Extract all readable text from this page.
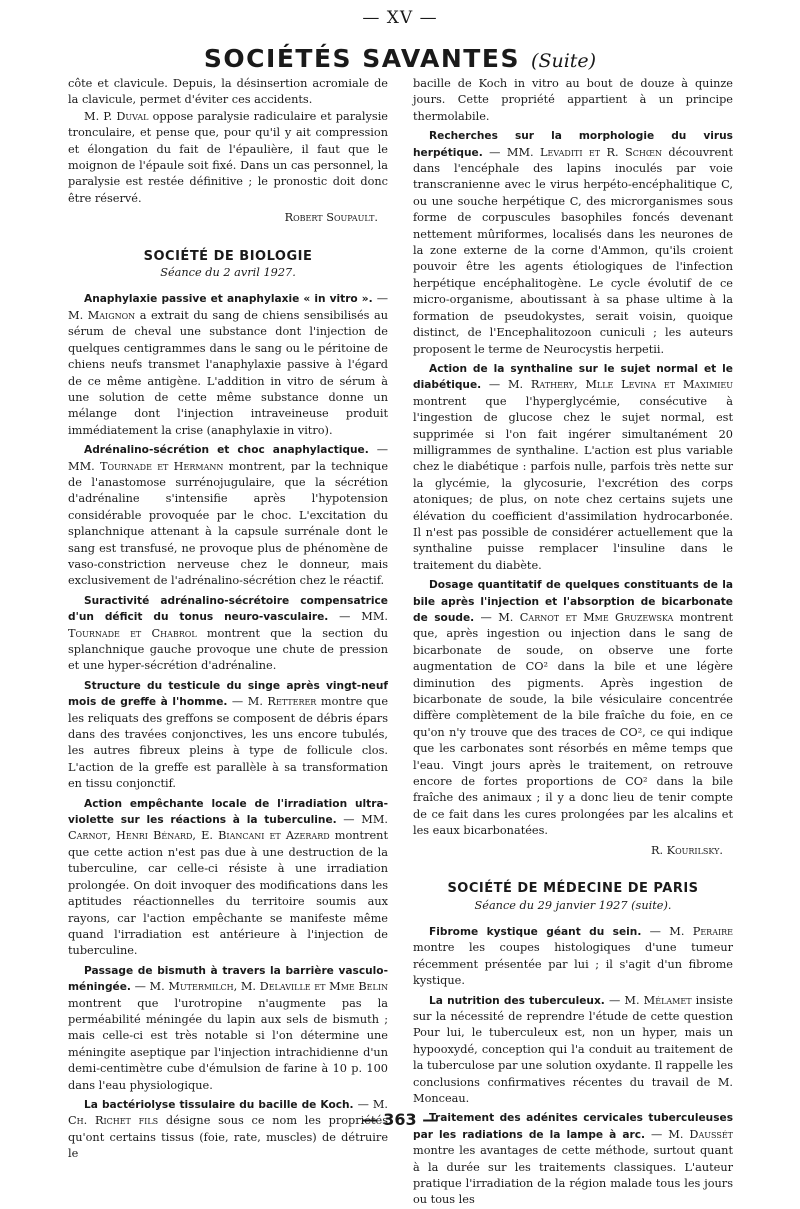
— XV —
SOCIÉTÉS SAVANTES (Suite)

côte et clavicule. Depuis, la désinsertion acromiale de la clavicule, permet d'éviter ces accidents.

M. P. Duval oppose paralysie radiculaire et paralysie tronculaire, et pense que, pour qu'il y ait compression et élongation du fait de l'épaulière, il faut que le moignon de l'épaule soit fixé. Dans un cas personnel, la paralysie est restée définitive ; le pronostic doit donc être réservé.

Robert Soupault.
SOCIÉTÉ DE BIOLOGIE
Séance du 2 avril 1927.

Anaphylaxie passive et anaphylaxie « in vitro ». — M. Maignon a extrait du sang de chiens sensibilisés au sérum de cheval une substance dont l'injection de quelques centigrammes dans le sang ou le péritoine de chiens neufs transmet l'anaphylaxie passive à l'égard de ce même antigène. L'addition in vitro de sérum à une solution de cette même substance donne un mélange dont l'injection intraveineuse produit immédiatement la crise (anaphylaxie in vitro).

Adrénalino-sécrétion et choc anaphylactique. — MM. Tournade et Hermann montrent, par la technique de l'anastomose surrénojugulaire, que la sécrétion d'adrénaline s'intensifie après l'hypotension considérable provoquée par le choc. L'excitation du splanchnique attenant à la capsule surrénale dont le sang est transfusé, ne provoque plus de phénomène de vaso-constriction nerveuse chez le donneur, mais exclusivement de l'adrénalino-sécrétion chez le réactif.

Suractivité adrénalino-sécrétoire compensatrice d'un déficit du tonus neuro-vasculaire. — MM. Tournade et Chabrol montrent que la section du splanchnique gauche provoque une chute de pression et une hyper-sécrétion d'adrénaline.

Structure du testicule du singe après vingt-neuf mois de greffe à l'homme. — M. Retterer montre que les reliquats des greffons se composent de débris épars dans des travées conjonctives, les uns encore tubulés, les autres fibreux pleins à type de follicule clos. L'action de la greffe est parallèle à sa transformation en tissu conjonctif.

Action empêchante locale de l'irradiation ultra-violette sur les réactions à la tuberculine. — MM. Carnot, Henri Bénard, E. Biancani et Azerard montrent que cette action n'est pas due à une destruction de la tuberculine, car celle-ci résiste à une irradiation prolongée. On doit invoquer des modifications dans les aptitudes réactionnelles du territoire soumis aux rayons, car l'action empêchante se manifeste même quand l'irradiation est antérieure à l'injection de tuberculine.

Passage de bismuth à travers la barrière vasculo-méningée. — M. Mutermilch, M. Delaville et Mme Belin montrent que l'urotropine n'augmente pas la perméabilité méningée du lapin aux sels de bismuth ; mais celle-ci est très notable si l'on détermine une méningite aseptique par l'injection intrachidienne d'un demi-centimètre cube d'émulsion de farine à 10 p. 100 dans l'eau physiologique.

La bactériolyse tissulaire du bacille de Koch. — M. Ch. Richet fils désigne sous ce nom les propriétés qu'ont certains tissus (foie, rate, muscles) de détruire le

bacille de Koch in vitro au bout de douze à quinze jours. Cette propriété appartient à un principe thermolabile.

Recherches sur la morphologie du virus herpétique. — MM. Levaditi et R. Schœn découvrent dans l'encéphale des lapins inoculés par voie transcranienne avec le virus herpéto-encéphalitique C, ou une souche herpétique C, des microrganismes sous forme de corpuscules basophiles foncés devenant nettement mûriformes, localisés dans les neurones de la zone externe de la corne d'Ammon, qu'ils croient pouvoir être les agents étiologiques de l'infection herpétique encéphalitogène. Le cycle évolutif de ce micro-organisme, aboutissant à sa phase ultime à la formation de pseudokystes, serait voisin, quoique distinct, de l'Encephalitozoon cuniculi ; les auteurs proposent le terme de Neurocystis herpetii.

Action de la synthaline sur le sujet normal et le diabétique. — M. Rathery, Mlle Levina et Maximieu montrent que l'hyperglycémie, consécutive à l'ingestion de glucose chez le sujet normal, est supprimée si l'on fait ingérer simultanément 20 milligrammes de synthaline. L'action est plus variable chez le diabétique : parfois nulle, parfois très nette sur la glycémie, la glycosurie, l'excrétion des corps atoniques; de plus, on note chez certains sujets une élévation du coefficient d'assimilation hydrocarbonée. Il n'est pas possible de considérer actuellement que la synthaline puisse remplacer l'insuline dans le traitement du diabète.

Dosage quantitatif de quelques constituants de la bile après l'injection et l'absorption de bicarbonate de soude. — M. Carnot et Mme Gruzewska montrent que, après ingestion ou injection dans le sang de bicarbonate de soude, on observe une forte augmentation de CO² dans la bile et une légère diminution des pigments. Après ingestion de bicarbonate de soude, la bile vésiculaire concentrée diffère complètement de la bile fraîche du foie, en ce qu'on n'y trouve que des traces de CO², ce qui indique que les carbonates sont résorbés en même temps que l'eau. Vingt jours après le traitement, on retrouve encore de fortes proportions de CO² dans la bile fraîche des animaux ; il y a donc lieu de tenir compte de ce fait dans les cures prolongées par les alcalins et les eaux bicarbonatées.

R. Kourilsky.
SOCIÉTÉ DE MÉDECINE DE PARIS
Séance du 29 janvier 1927 (suite).

Fibrome kystique géant du sein. — M. Peraire montre les coupes histologiques d'une tumeur récemment présentée par lui ; il s'agit d'un fibrome kystique.

La nutrition des tuberculeux. — M. Mélamet insiste sur la nécessité de reprendre l'étude de cette question Pour lui, le tuberculeux est, non un hyper, mais un hypooxydé, conception qui l'a conduit au traitement de la tuberculose par une solution oxydante. Il rappelle les conclusions confirmatives récentes du travail de M. Monceau.

Traitement des adénites cervicales tuberculeuses par les radiations de la lampe à arc. — M. Daussét montre les avantages de cette méthode, surtout quant à la durée sur les traitements classiques. L'auteur pratique l'irradiation de la région malade tous les jours ou tous les

— 363 —
